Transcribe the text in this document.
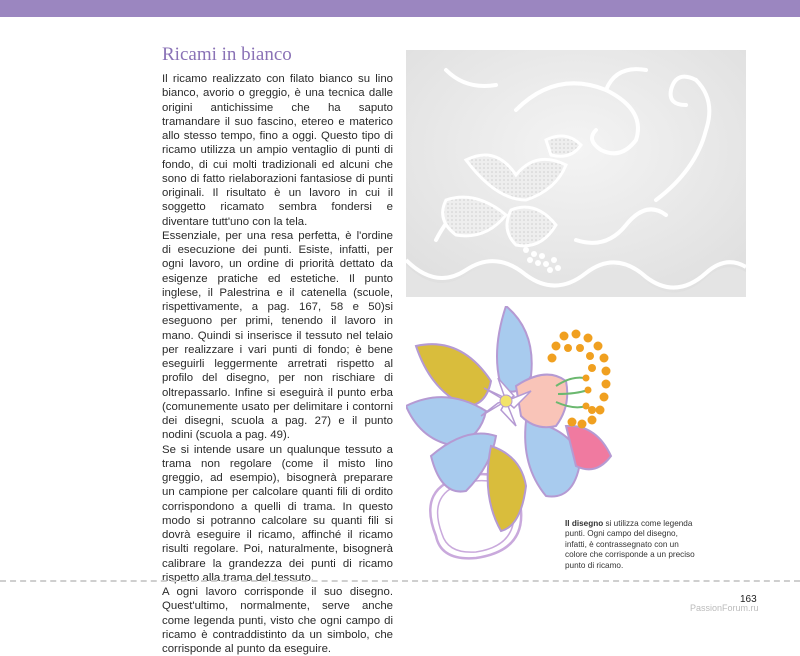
Ricami in bianco

Il ricamo realizzato con filato bianco su lino bianco, avorio o greggio, è una tecnica dalle origini antichissime che ha saputo tramandare il suo fascino, etereo e materico allo stesso tempo, fino a oggi. Questo tipo di ricamo utilizza un ampio ventaglio di punti di fondo, di cui molti tradizionali ed alcuni che sono di fatto rielaborazioni fantasiose di punti originali. Il risultato è un lavoro in cui il soggetto ricamato sembra fondersi e diventare tutt'uno con la tela.

Essenziale, per una resa perfetta, è l'ordine di esecuzione dei punti. Esiste, infatti, per ogni lavoro, un ordine di priorità dettato da esigenze pratiche ed estetiche. Il punto inglese, il Palestrina e il catenella (scuole, rispettivamente, a pag. 167, 58 e 50)si eseguono per primi, tenendo il lavoro in mano. Quindi si inserisce il tessuto nel telaio per realizzare i vari punti di fondo; è bene eseguirli leggermente arretrati rispetto al profilo del disegno, per non rischiare di oltrepassarlo. Infine si eseguirà il punto erba (comunemente usato per delimitare i contorni dei disegni, scuola a pag. 27) e il punto nodini (scuola a pag. 49).

Se si intende usare un qualunque tessuto a trama non regolare (come il misto lino greggio, ad esempio), bisognerà preparare un campione per calcolare quanti fili di ordito corrispondono a quelli di trama. In questo modo si potranno calcolare su quanti fili si dovrà eseguire il ricamo, affinché il ricamo risulti regolare. Poi, naturalmente, bisognerà calibrare la grandezza dei punti di ricamo rispetto alla trama del tessuto.

A ogni lavoro corrisponde il suo disegno. Quest'ultimo, normalmente, serve anche come legenda punti, visto che ogni campo di ricamo è contraddistinto da un simbolo, che corrisponde al punto da eseguire.

Il disegno si utilizza come legenda punti. Ogni campo del disegno, infatti, è contrassegnato con un colore che corrisponde a un preciso punto di ricamo.
163
PassionForum.ru
